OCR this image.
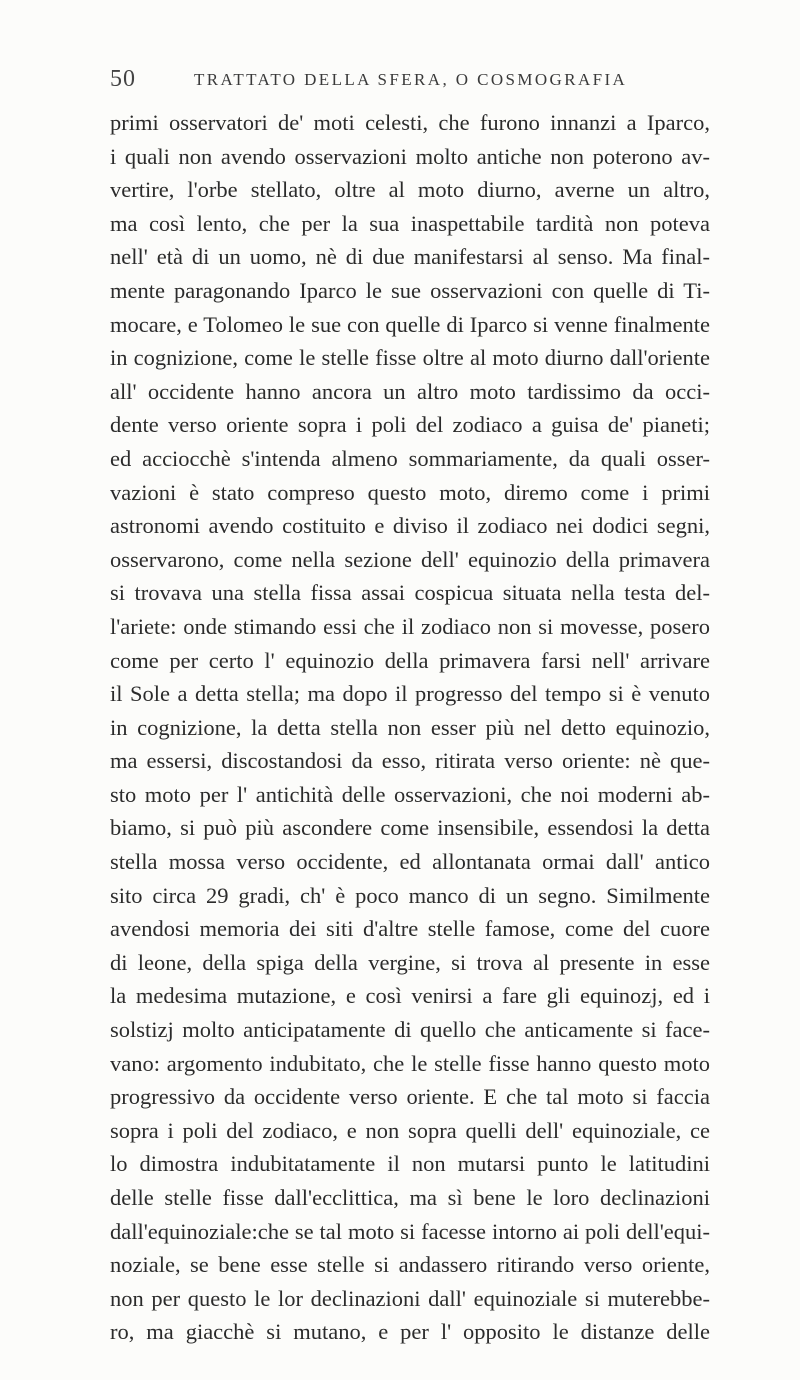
50	TRATTATO DELLA SFERA, O COSMOGRAFIA
primi osservatori de' moti celesti, che furono innanzi a Iparco,
i quali non avendo osservazioni molto antiche non poterono av-
vertire, l'orbe stellato, oltre al moto diurno, averne un altro,
ma così lento, che per la sua inaspettabile tardità non poteva
nell' età di un uomo, nè di due manifestarsi al senso. Ma final-
mente paragonando Iparco le sue osservazioni con quelle di Ti-
mocare, e Tolomeo le sue con quelle di Iparco si venne finalmente
in cognizione, come le stelle fisse oltre al moto diurno dall'oriente
all' occidente hanno ancora un altro moto tardissimo da occi-
dente verso oriente sopra i poli del zodiaco a guisa de' pianeti;
ed acciocchè s'intenda almeno sommariamente, da quali osser-
vazioni è stato compreso questo moto, diremo come i primi
astronomi avendo costituito e diviso il zodiaco nei dodici segni,
osservarono, come nella sezione dell' equinozio della primavera
si trovava una stella fissa assai cospicua situata nella testa del-
l'ariete: onde stimando essi che il zodiaco non si movesse, posero
come per certo l' equinozio della primavera farsi nell' arrivare
il Sole a detta stella; ma dopo il progresso del tempo si è venuto
in cognizione, la detta stella non esser più nel detto equinozio,
ma essersi, discostandosi da esso, ritirata verso oriente: nè que-
sto moto per l' antichità delle osservazioni, che noi moderni ab-
biamo, si può più ascondere come insensibile, essendosi la detta
stella mossa verso occidente, ed allontanata ormai dall' antico
sito circa 29 gradi, ch' è poco manco di un segno. Similmente
avendosi memoria dei siti d'altre stelle famose, come del cuore
di leone, della spiga della vergine, si trova al presente in esse
la medesima mutazione, e così venirsi a fare gli equinozj, ed i
solstizj molto anticipatamente di quello che anticamente si face-
vano: argomento indubitato, che le stelle fisse hanno questo moto
progressivo da occidente verso oriente. E che tal moto si faccia
sopra i poli del zodiaco, e non sopra quelli dell' equinoziale, ce
lo dimostra indubitatamente il non mutarsi punto le latitudini
delle stelle fisse dall'ecclittica, ma sì bene le loro declinazioni
dall'equinoziale:che se tal moto si facesse intorno ai poli dell'equi-
noziale, se bene esse stelle si andassero ritirando verso oriente,
non per questo le lor declinazioni dall' equinoziale si muterebbe-
ro, ma giacchè si mutano, e per l' opposito le distanze delle
